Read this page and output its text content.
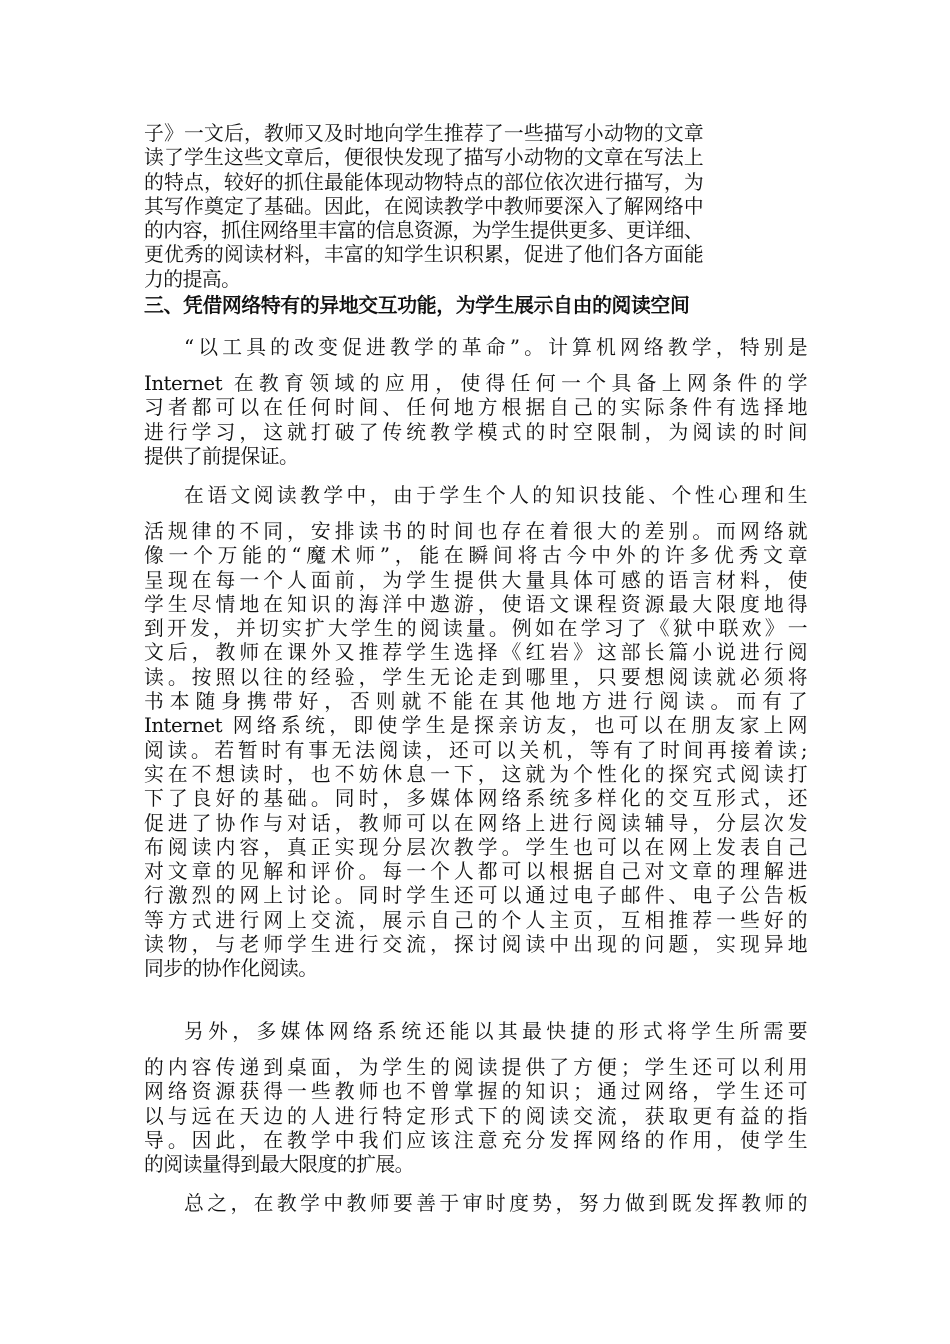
子》一文后，教师又及时地向学生推荐了一些描写小动物的文章
读了学生这些文章后，便很快发现了描写小动物的文章在写法上
的特点，较好的抓住最能体现动物特点的部位依次进行描写，为
其写作奠定了基础。因此，在阅读教学中教师要深入了解网络中
的内容，抓住网络里丰富的信息资源，为学生提供更多、更详细、
更优秀的阅读材料，丰富的知学生识积累，促进了他们各方面能
力的提高。
三、凭借网络特有的异地交互功能，为学生展示自由的阅读空间
“以工具的改变促进教学的革命”。计算机网络教学，特别是
Internet 在教育领域的应用，使得任何一个具备上网条件的学
习者都可以在任何时间、任何地方根据自己的实际条件有选择地
进行学习，这就打破了传统教学模式的时空限制，为阅读的时间
提供了前提保证。
在语文阅读教学中，由于学生个人的知识技能、个性心理和生
活规律的不同，安排读书的时间也存在着很大的差别。而网络就
像一个万能的“魔术师”，能在瞬间将古今中外的许多优秀文章
呈现在每一个人面前，为学生提供大量具体可感的语言材料，使
学生尽情地在知识的海洋中遨游，使语文课程资源最大限度地得
到开发，并切实扩大学生的阅读量。例如在学习了《狱中联欢》一
文后，教师在课外又推荐学生选择《红岩》这部长篇小说进行阅
读。按照以往的经验，学生无论走到哪里，只要想阅读就必须将
书本随身携带好，否则就不能在其他地方进行阅读。而有了
Internet 网络系统，即使学生是探亲访友，也可以在朋友家上网
阅读。若暂时有事无法阅读，还可以关机，等有了时间再接着读;
实在不想读时，也不妨休息一下，这就为个性化的探究式阅读打
下了良好的基础。同时，多媒体网络系统多样化的交互形式，还
促进了协作与对话，教师可以在网络上进行阅读辅导，分层次发
布阅读内容，真正实现分层次教学。学生也可以在网上发表自己
对文章的见解和评价。每一个人都可以根据自己对文章的理解进
行激烈的网上讨论。同时学生还可以通过电子邮件、电子公告板
等方式进行网上交流，展示自己的个人主页，互相推荐一些好的
读物，与老师学生进行交流，探讨阅读中出现的问题，实现异地
同步的协作化阅读。
另外，多媒体网络系统还能以其最快捷的形式将学生所需要
的内容传递到桌面，为学生的阅读提供了方便；学生还可以利用
网络资源获得一些教师也不曾掌握的知识；通过网络，学生还可
以与远在天边的人进行特定形式下的阅读交流，获取更有益的指
导。因此，在教学中我们应该注意充分发挥网络的作用，使学生
的阅读量得到最大限度的扩展。
总之，在教学中教师要善于审时度势，努力做到既发挥教师的
